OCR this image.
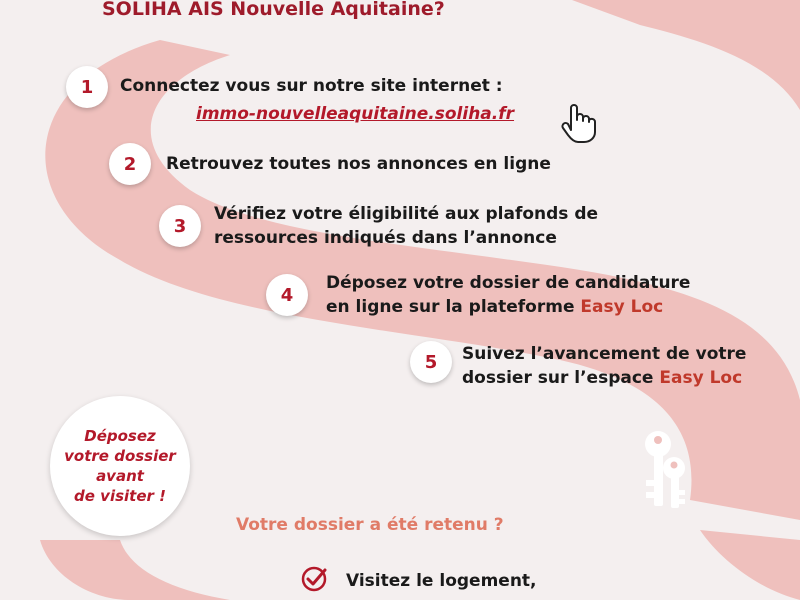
SOLIHA AIS Nouvelle Aquitaine?
1	Connectez vous sur notre site internet :
immo-nouvelleaquitaine.soliha.fr
2	Retrouvez toutes nos annonces en ligne
3
Vérifiez votre éligibilité aux plafonds de
ressources indiqués dans l’annonce
4
Déposez votre dossier de candidature
en ligne sur la plateforme Easy Loc
5	Suivez l’avancement de votre
dossier sur l’espace Easy Loc
Déposez
votre dossier
avant
de visiter !
Votre dossier a été retenu ?
Visitez le logement,
